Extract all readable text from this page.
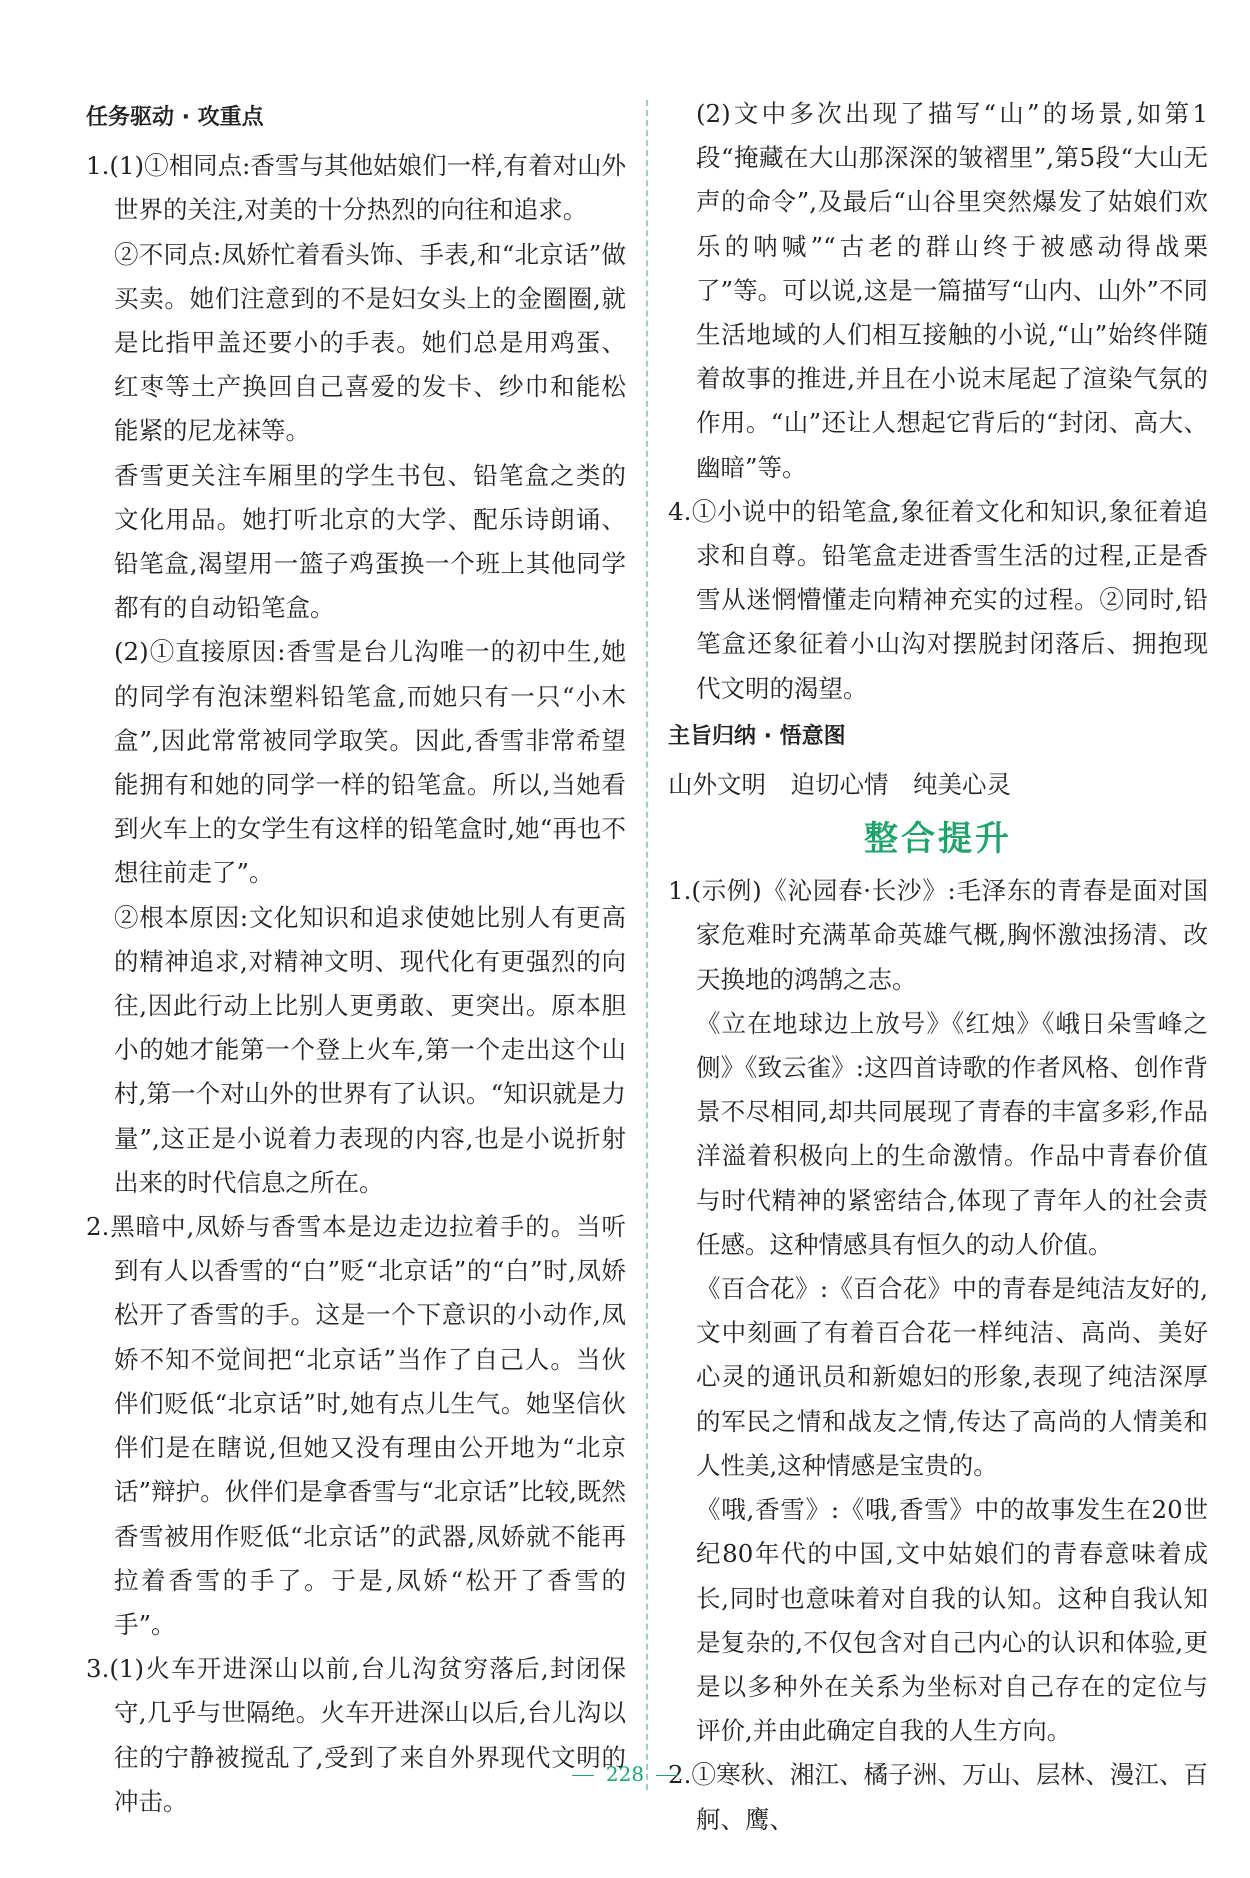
任务驱动 · 攻重点

1.(1)①相同点:香雪与其他姑娘们一样,有着对山外世界的关注,对美的十分热烈的向往和追求。

②不同点:凤娇忙着看头饰、手表,和“北京话”做买卖。她们注意到的不是妇女头上的金圈圈,就是比指甲盖还要小的手表。她们总是用鸡蛋、红枣等土产换回自己喜爱的发卡、纱巾和能松能紧的尼龙袜等。

香雪更关注车厢里的学生书包、铅笔盒之类的文化用品。她打听北京的大学、配乐诗朗诵、铅笔盒,渴望用一篮子鸡蛋换一个班上其他同学都有的自动铅笔盒。

(2)①直接原因:香雪是台儿沟唯一的初中生,她的同学有泡沫塑料铅笔盒,而她只有一只“小木盒”,因此常常被同学取笑。因此,香雪非常希望能拥有和她的同学一样的铅笔盒。所以,当她看到火车上的女学生有这样的铅笔盒时,她“再也不想往前走了”。

②根本原因:文化知识和追求使她比别人有更高的精神追求,对精神文明、现代化有更强烈的向往,因此行动上比别人更勇敢、更突出。原本胆小的她才能第一个登上火车,第一个走出这个山村,第一个对山外的世界有了认识。“知识就是力量”,这正是小说着力表现的内容,也是小说折射出来的时代信息之所在。

2.黑暗中,凤娇与香雪本是边走边拉着手的。当听到有人以香雪的“白”贬“北京话”的“白”时,凤娇松开了香雪的手。这是一个下意识的小动作,凤娇不知不觉间把“北京话”当作了自己人。当伙伴们贬低“北京话”时,她有点儿生气。她坚信伙伴们是在瞎说,但她又没有理由公开地为“北京话”辩护。伙伴们是拿香雪与“北京话”比较,既然香雪被用作贬低“北京话”的武器,凤娇就不能再拉着香雪的手了。于是,凤娇“松开了香雪的手”。

3.(1)火车开进深山以前,台儿沟贫穷落后,封闭保守,几乎与世隔绝。火车开进深山以后,台儿沟以往的宁静被搅乱了,受到了来自外界现代文明的冲击。

(2)文中多次出现了描写“山”的场景,如第1段“掩藏在大山那深深的皱褶里”,第5段“大山无声的命令”,及最后“山谷里突然爆发了姑娘们欢乐的呐喊”“古老的群山终于被感动得战栗了”等。可以说,这是一篇描写“山内、山外”不同生活地域的人们相互接触的小说,“山”始终伴随着故事的推进,并且在小说末尾起了渲染气氛的作用。“山”还让人想起它背后的“封闭、高大、幽暗”等。

4.①小说中的铅笔盒,象征着文化和知识,象征着追求和自尊。铅笔盒走进香雪生活的过程,正是香雪从迷惘懵懂走向精神充实的过程。②同时,铅笔盒还象征着小山沟对摆脱封闭落后、拥抱现代文明的渴望。

主旨归纳 · 悟意图

山外文明　迫切心情　纯美心灵

整合提升

1.(示例)《沁园春·长沙》:毛泽东的青春是面对国家危难时充满革命英雄气概,胸怀激浊扬清、改天换地的鸿鹄之志。

《立在地球边上放号》《红烛》《峨日朵雪峰之侧》《致云雀》:这四首诗歌的作者风格、创作背景不尽相同,却共同展现了青春的丰富多彩,作品洋溢着积极向上的生命激情。作品中青春价值与时代精神的紧密结合,体现了青年人的社会责任感。这种情感具有恒久的动人价值。

《百合花》:《百合花》中的青春是纯洁友好的,文中刻画了有着百合花一样纯洁、高尚、美好心灵的通讯员和新媳妇的形象,表现了纯洁深厚的军民之情和战友之情,传达了高尚的人情美和人性美,这种情感是宝贵的。

《哦,香雪》:《哦,香雪》中的故事发生在20世纪80年代的中国,文中姑娘们的青春意味着成长,同时也意味着对自我的认知。这种自我认知是复杂的,不仅包含对自己内心的认识和体验,更是以多种外在关系为坐标对自己存在的定位与评价,并由此确定自我的人生方向。

2.①寒秋、湘江、橘子洲、万山、层林、漫江、百舸、鹰、

228
